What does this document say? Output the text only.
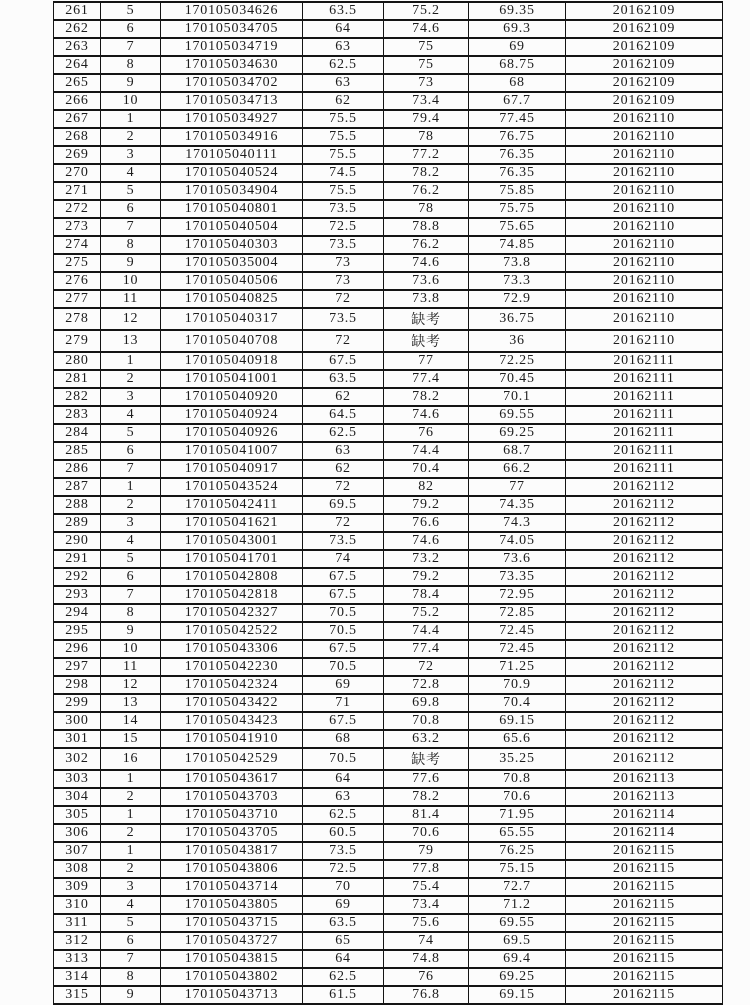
261	5	170105034626	63.5	75.2	69.35	20162109
262	6	170105034705	64	74.6	69.3	20162109
263	7	170105034719	63	75	69	20162109
264	8	170105034630	62.5	75	68.75	20162109
265	9	170105034702	63	73	68	20162109
266	10	170105034713	62	73.4	67.7	20162109
267	1	170105034927	75.5	79.4	77.45	20162110
268	2	170105034916	75.5	78	76.75	20162110
269	3	170105040111	75.5	77.2	76.35	20162110
270	4	170105040524	74.5	78.2	76.35	20162110
271	5	170105034904	75.5	76.2	75.85	20162110
272	6	170105040801	73.5	78	75.75	20162110
273	7	170105040504	72.5	78.8	75.65	20162110
274	8	170105040303	73.5	76.2	74.85	20162110
275	9	170105035004	73	74.6	73.8	20162110
276	10	170105040506	73	73.6	73.3	20162110
277	11	170105040825	72	73.8	72.9	20162110
278	12	170105040317	73.5	缺考	36.75	20162110
279	13	170105040708	72	缺考	36	20162110
280	1	170105040918	67.5	77	72.25	20162111
281	2	170105041001	63.5	77.4	70.45	20162111
282	3	170105040920	62	78.2	70.1	20162111
283	4	170105040924	64.5	74.6	69.55	20162111
284	5	170105040926	62.5	76	69.25	20162111
285	6	170105041007	63	74.4	68.7	20162111
286	7	170105040917	62	70.4	66.2	20162111
287	1	170105043524	72	82	77	20162112
288	2	170105042411	69.5	79.2	74.35	20162112
289	3	170105041621	72	76.6	74.3	20162112
290	4	170105043001	73.5	74.6	74.05	20162112
291	5	170105041701	74	73.2	73.6	20162112
292	6	170105042808	67.5	79.2	73.35	20162112
293	7	170105042818	67.5	78.4	72.95	20162112
294	8	170105042327	70.5	75.2	72.85	20162112
295	9	170105042522	70.5	74.4	72.45	20162112
296	10	170105043306	67.5	77.4	72.45	20162112
297	11	170105042230	70.5	72	71.25	20162112
298	12	170105042324	69	72.8	70.9	20162112
299	13	170105043422	71	69.8	70.4	20162112
300	14	170105043423	67.5	70.8	69.15	20162112
301	15	170105041910	68	63.2	65.6	20162112
302	16	170105042529	70.5	缺考	35.25	20162112
303	1	170105043617	64	77.6	70.8	20162113
304	2	170105043703	63	78.2	70.6	20162113
305	1	170105043710	62.5	81.4	71.95	20162114
306	2	170105043705	60.5	70.6	65.55	20162114
307	1	170105043817	73.5	79	76.25	20162115
308	2	170105043806	72.5	77.8	75.15	20162115
309	3	170105043714	70	75.4	72.7	20162115
310	4	170105043805	69	73.4	71.2	20162115
311	5	170105043715	63.5	75.6	69.55	20162115
312	6	170105043727	65	74	69.5	20162115
313	7	170105043815	64	74.8	69.4	20162115
314	8	170105043802	62.5	76	69.25	20162115
315	9	170105043713	61.5	76.8	69.15	20162115
